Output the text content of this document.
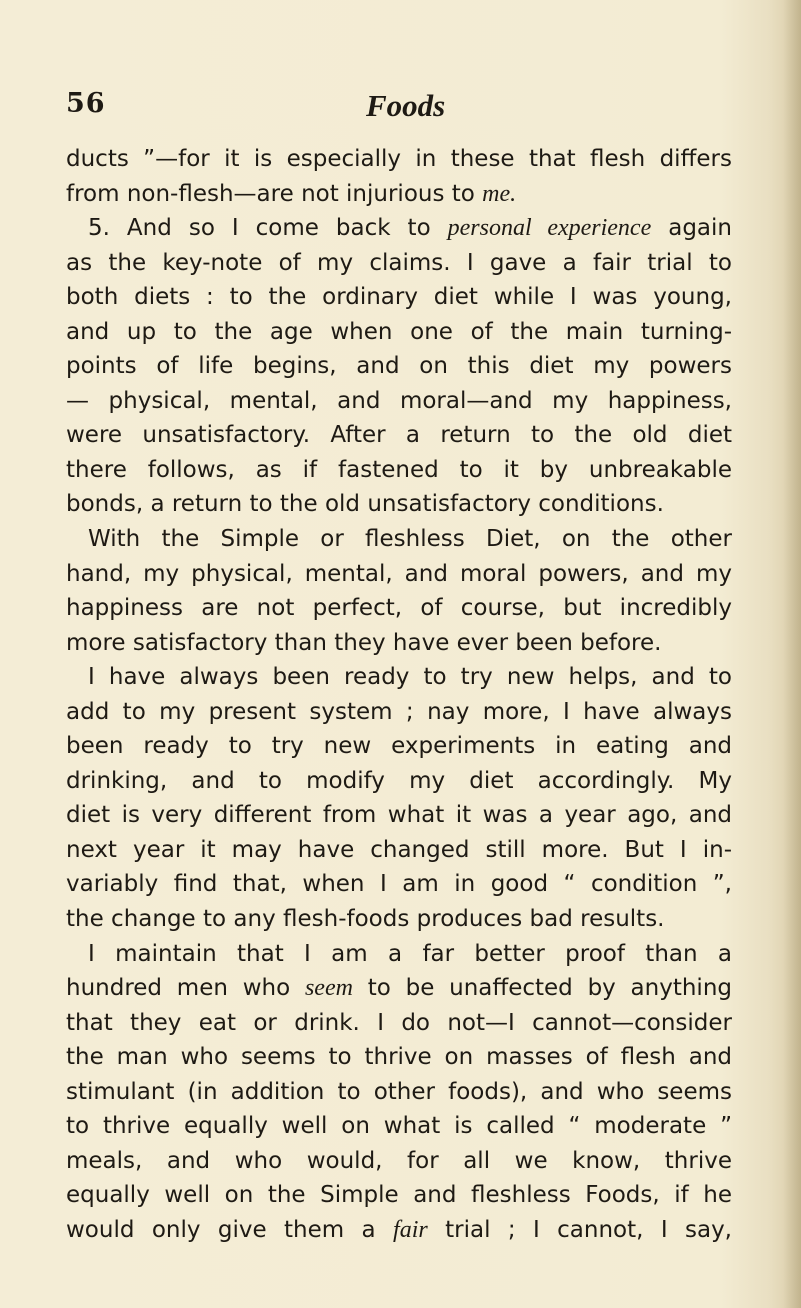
56	Foods
ducts ”—for it is especially in these that flesh differs
from non-flesh—are not injurious to me.
5. And so I come back to personal experience again
as the key-note of my claims. I gave a fair trial to
both diets : to the ordinary diet while I was young,
and up to the age when one of the main turning-
points of life begins, and on this diet my powers
— physical, mental, and moral—and my happiness,
were unsatisfactory. After a return to the old diet
there follows, as if fastened to it by unbreakable
bonds, a return to the old unsatisfactory conditions.
With the Simple or fleshless Diet, on the other
hand, my physical, mental, and moral powers, and my
happiness are not perfect, of course, but incredibly
more satisfactory than they have ever been before.
I have always been ready to try new helps, and to
add to my present system ; nay more, I have always
been ready to try new experiments in eating and
drinking, and to modify my diet accordingly. My
diet is very different from what it was a year ago, and
next year it may have changed still more. But I in-
variably find that, when I am in good “ condition ”,
the change to any flesh-foods produces bad results.
I maintain that I am a far better proof than a
hundred men who seem to be unaffected by anything
that they eat or drink. I do not—I cannot—consider
the man who seems to thrive on masses of flesh and
stimulant (in addition to other foods), and who seems
to thrive equally well on what is called “ moderate ”
meals, and who would, for all we know, thrive
equally well on the Simple and fleshless Foods, if he
would only give them a fair trial ; I cannot, I say,
